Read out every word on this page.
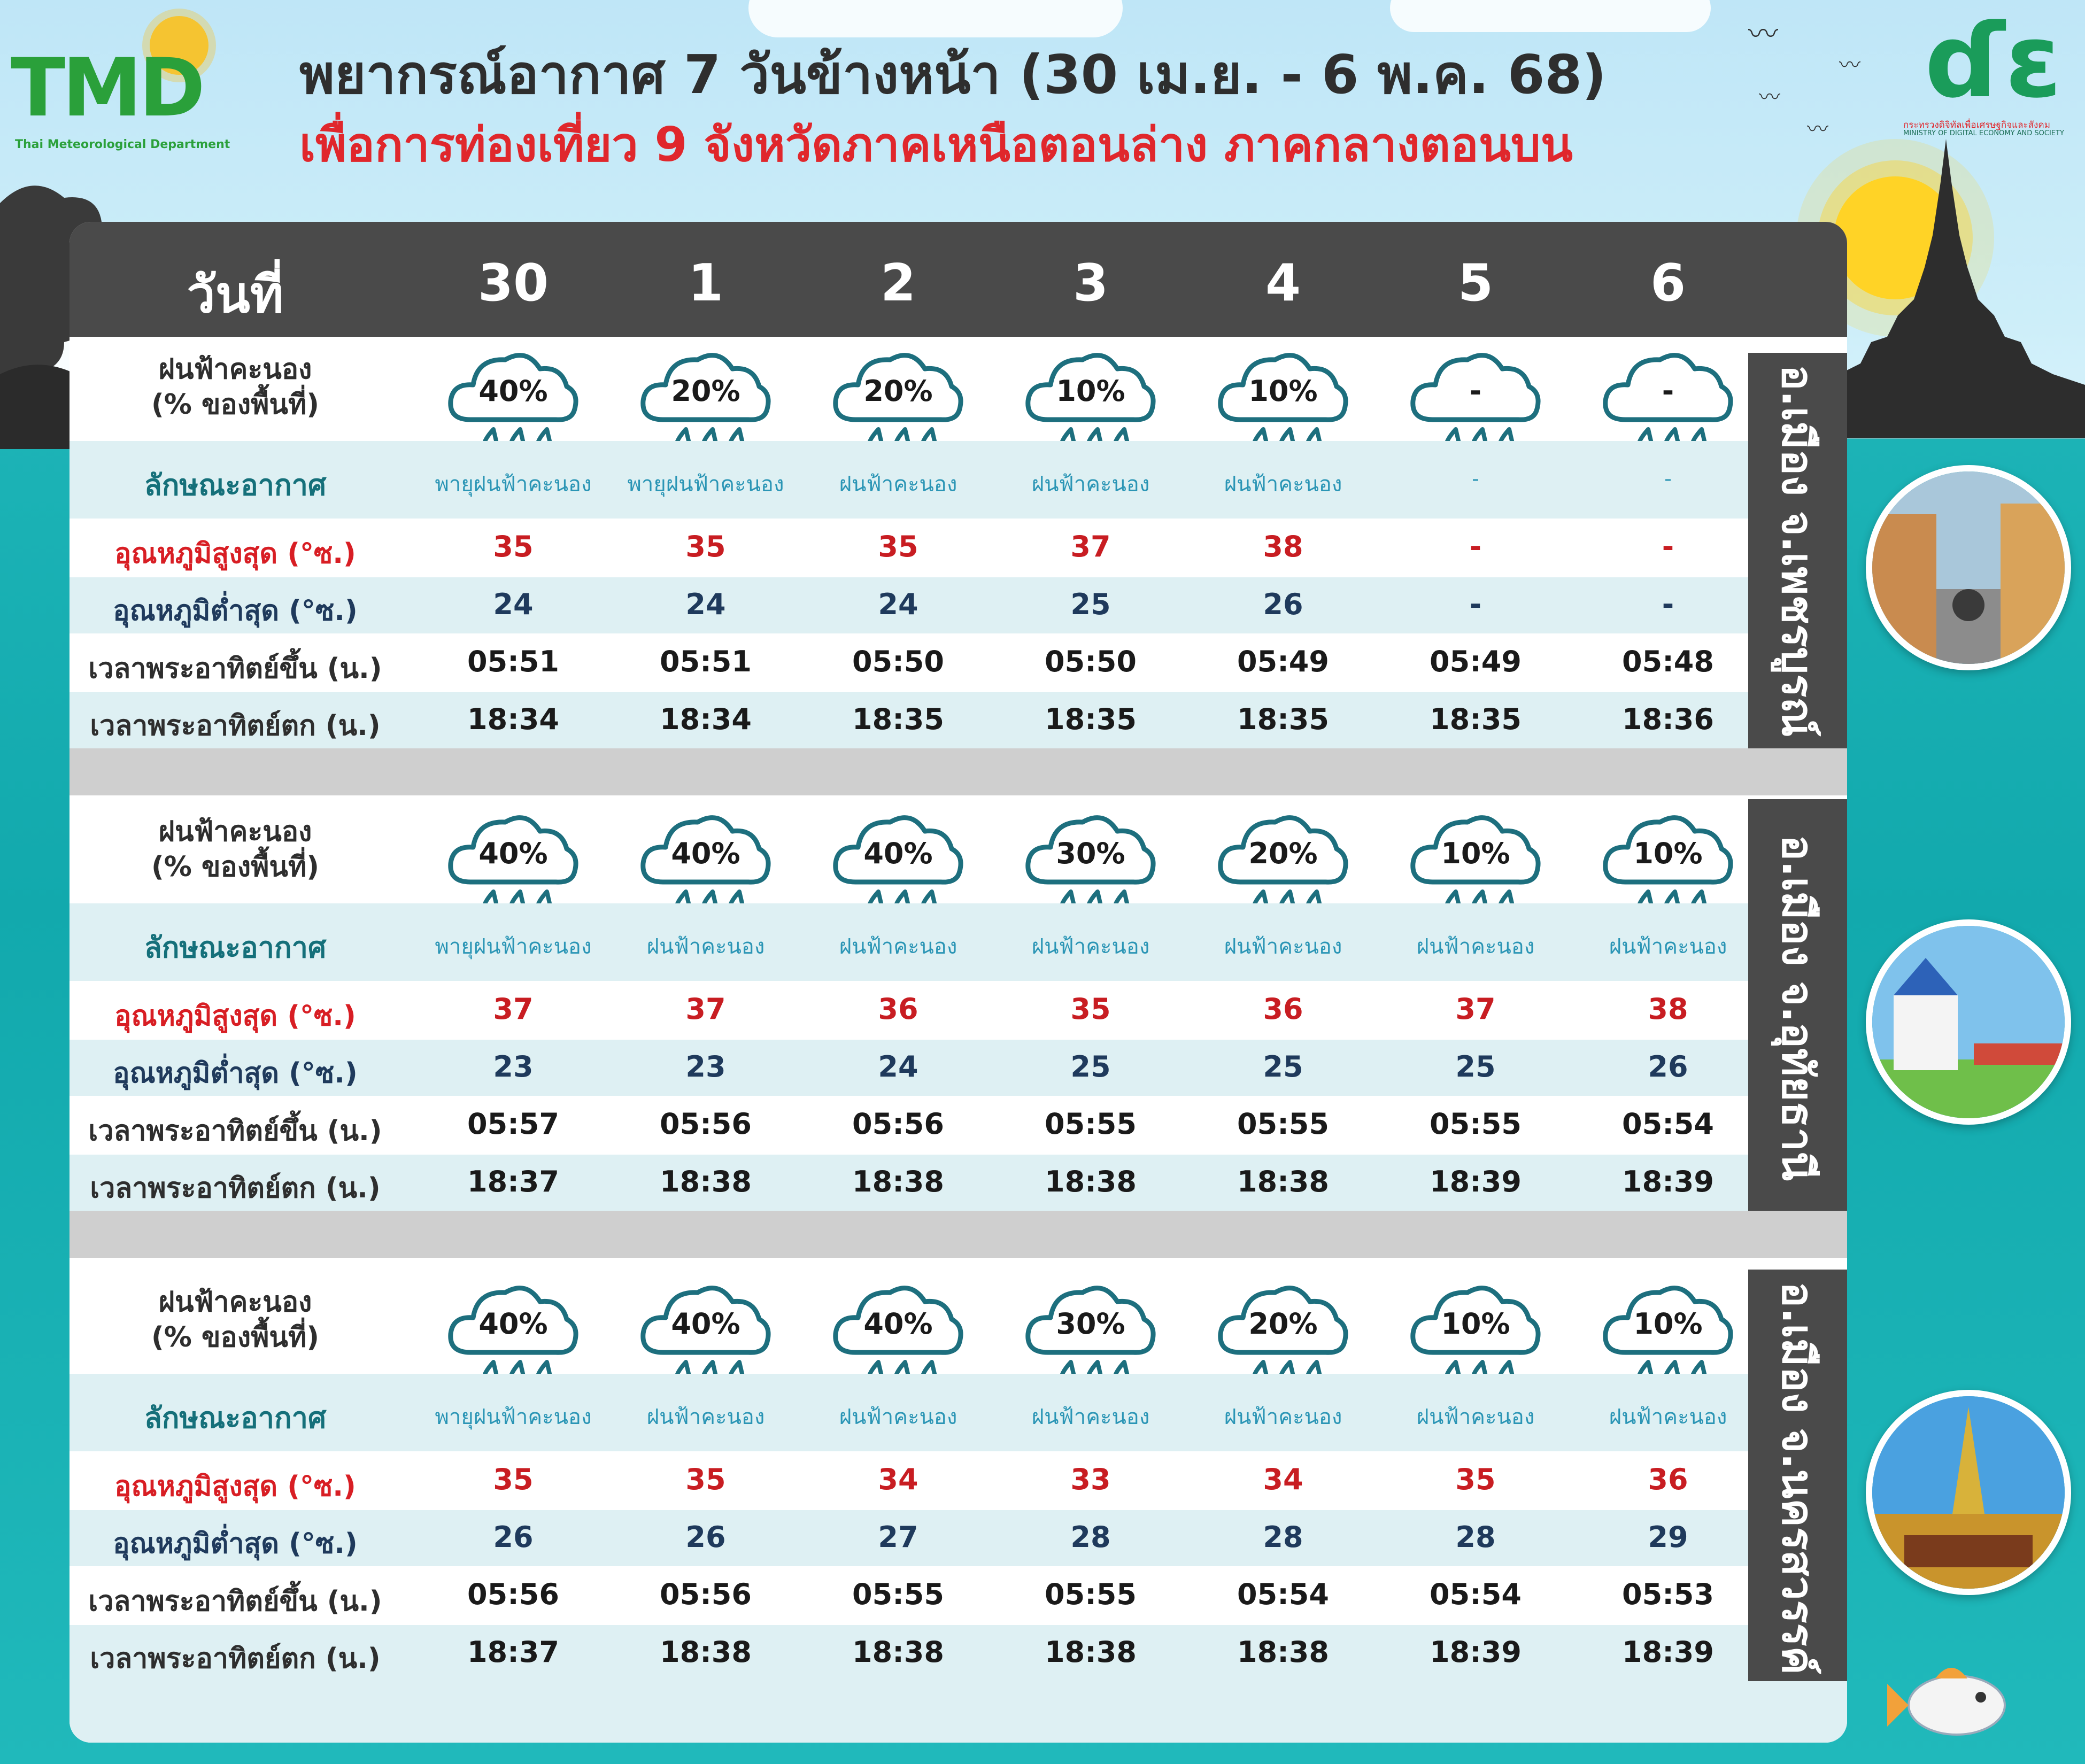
TMD
Thai Meteorological Department
พยากรณ์อากาศ 7 วันข้างหน้า (30 เม.ย. - 6 พ.ค. 68)
เพื่อการท่องเที่ยว 9 จังหวัดภาคเหนือตอนล่าง ภาคกลางตอนบน
ɗε
กระทรวงดิจิทัลเพื่อเศรษฐกิจและสังคม
MINISTRY OF DIGITAL ECONOMY AND SOCIETY
〰
〰
〰
〰
วันที่	30	1	2	3	4	5	6
ฝนฟ้าคะนอง
(% ของพื้นที่)	40%	20%	20%	10%	10%	-	-
ลักษณะอากาศ	พายุฝนฟ้าคะนอง	พายุฝนฟ้าคะนอง	ฝนฟ้าคะนอง	ฝนฟ้าคะนอง	ฝนฟ้าคะนอง	-	-
อุณหภูมิสูงสุด (°ซ.)	35	35	35	37	38	-	-
อุณหภูมิต่ำสุด (°ซ.)	24	24	24	25	26	-	-
เวลาพระอาทิตย์ขึ้น (น.)	05:51	05:51	05:50	05:50	05:49	05:49	05:48
เวลาพระอาทิตย์ตก (น.)	18:34	18:34	18:35	18:35	18:35	18:35	18:36	อ.เมือง จ.เพชรบูรณ์
ฝนฟ้าคะนอง
(% ของพื้นที่)	40%	40%	40%	30%	20%	10%	10%
ลักษณะอากาศ	พายุฝนฟ้าคะนอง	ฝนฟ้าคะนอง	ฝนฟ้าคะนอง	ฝนฟ้าคะนอง	ฝนฟ้าคะนอง	ฝนฟ้าคะนอง	ฝนฟ้าคะนอง
อุณหภูมิสูงสุด (°ซ.)	37	37	36	35	36	37	38
อุณหภูมิต่ำสุด (°ซ.)	23	23	24	25	25	25	26
เวลาพระอาทิตย์ขึ้น (น.)	05:57	05:56	05:56	05:55	05:55	05:55	05:54
เวลาพระอาทิตย์ตก (น.)	18:37	18:38	18:38	18:38	18:38	18:39	18:39
อ.เมือง จ.อุทัยธานี
ฝนฟ้าคะนอง
(% ของพื้นที่)	40%	40%	40%	30%	20%	10%	10%
ลักษณะอากาศ	พายุฝนฟ้าคะนอง	ฝนฟ้าคะนอง	ฝนฟ้าคะนอง	ฝนฟ้าคะนอง	ฝนฟ้าคะนอง	ฝนฟ้าคะนอง	ฝนฟ้าคะนอง
อุณหภูมิสูงสุด (°ซ.)	35	35	34	33	34	35	36
อุณหภูมิต่ำสุด (°ซ.)	26	26	27	28	28	28	29
เวลาพระอาทิตย์ขึ้น (น.)	05:56	05:56	05:55	05:55	05:54	05:54	05:53
เวลาพระอาทิตย์ตก (น.)	18:37	18:38	18:38	18:38	18:38	18:39	18:39	อ.เมือง จ.นครสวรรค์
